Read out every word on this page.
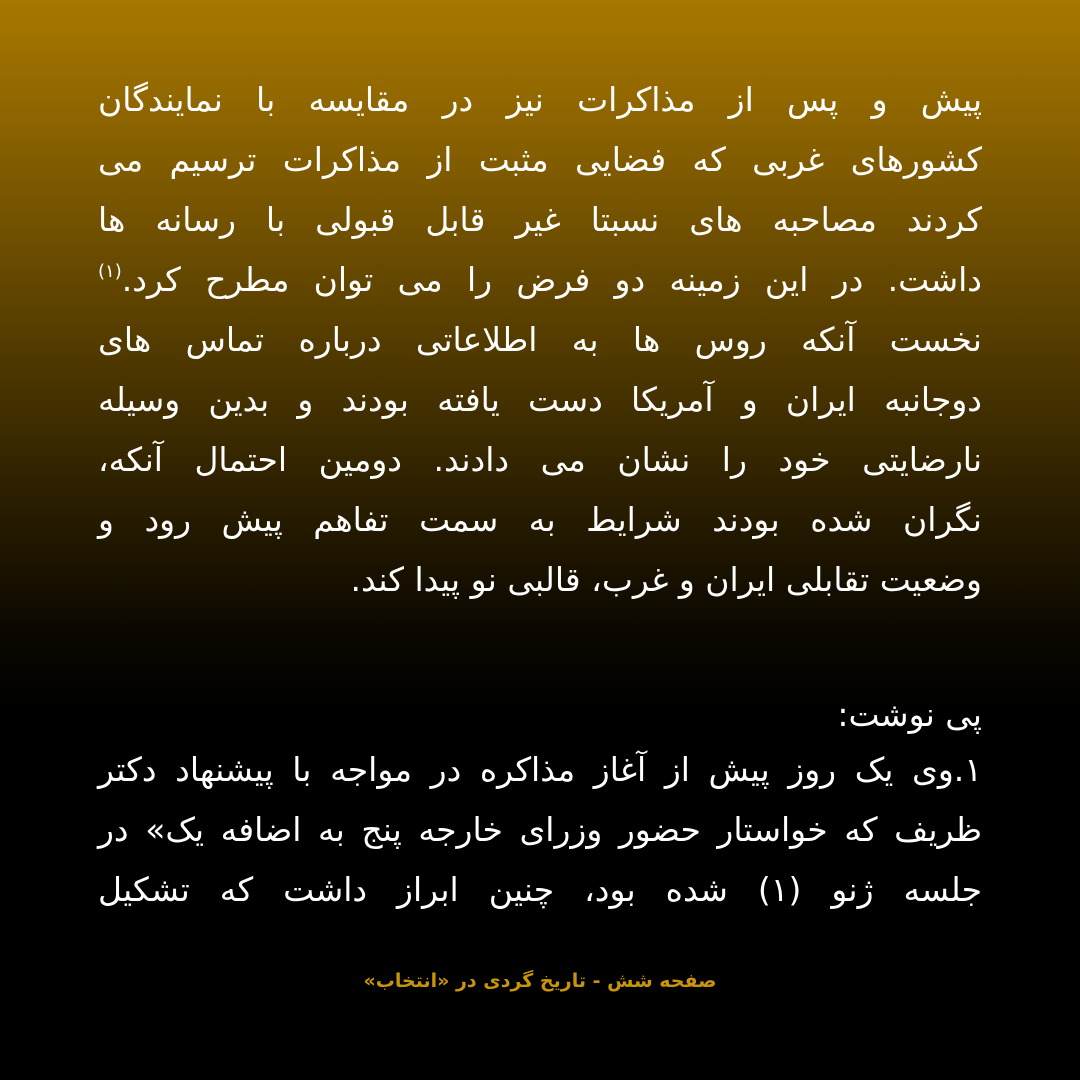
پیش و پس از مذاکرات نیز در مقایسه با نمایندگان
کشورهای غربی که فضایی مثبت از مذاکرات ترسیم می
کردند مصاحبه های نسبتا غیر قابل قبولی با رسانه ها
داشت. در این زمینه دو فرض را می توان مطرح کرد.$^{(۱)}$
نخست آنکه روس ها به اطلاعاتی درباره تماس های
دوجانبه ایران و آمریکا دست یافته بودند و بدین وسیله
نارضایتی خود را نشان می دادند. دومین احتمال آنکه،
نگران شده بودند شرایط به سمت تفاهم پیش رود و
وضعیت تقابلی ایران و غرب، قالبی نو پیدا کند.
پی نوشت:
۱.وی یک روز پیش از آغاز مذاکره در مواجه با پیشنهاد دکتر
ظریف که خواستار حضور وزرای خارجه پنج به اضافه یک» در
جلسه ژنو (۱) شده بود، چنین ابراز داشت که تشکیل
صفحه شش - تاریخ گردی در «انتخاب»
